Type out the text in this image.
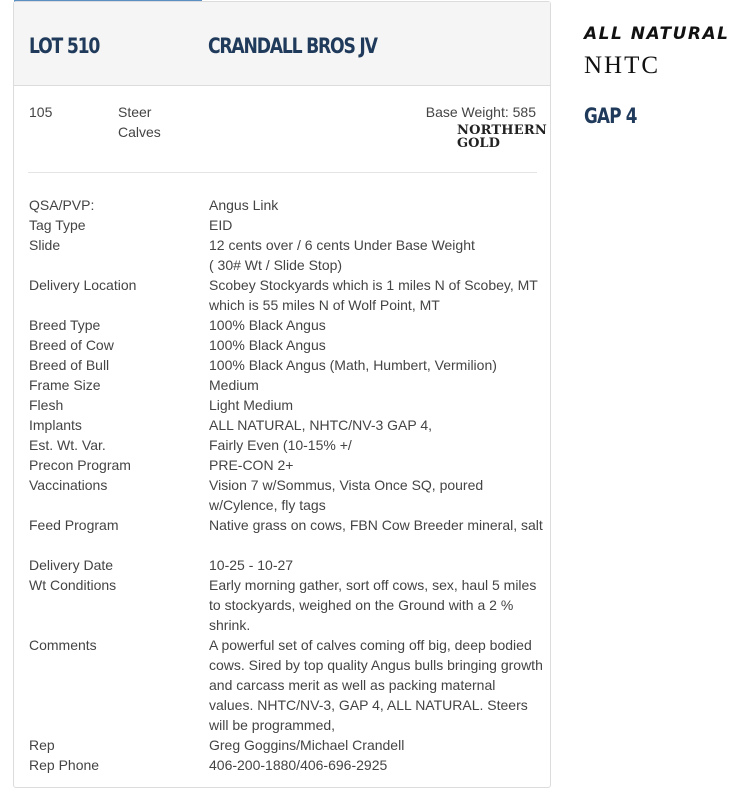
LOT 510	CRANDALL BROS JV
105	Steer
Calves
Base Weight: 585
NORTHERN
GOLD
QSA/PVP:	Angus Link
Tag Type	EID
Slide	12 cents over / 6 cents Under Base Weight
( 30# Wt / Slide Stop)
Delivery Location	Scobey Stockyards which is 1 miles N of Scobey, MT which is 55 miles N of Wolf Point, MT
Breed Type	100% Black Angus
Breed of Cow	100% Black Angus
Breed of Bull	100% Black Angus (Math, Humbert, Vermilion)
Frame Size	Medium
Flesh	Light Medium
Implants	ALL NATURAL, NHTC/NV-3 GAP 4,
Est. Wt. Var.	Fairly Even (10-15% +/
Precon Program	PRE-CON 2+
Vaccinations	Vision 7 w/Sommus, Vista Once SQ, poured w/Cylence, fly tags
Feed Program	Native grass on cows, FBN Cow Breeder mineral, salt
Delivery Date	10-25 - 10-27
Wt Conditions	Early morning gather, sort off cows, sex, haul 5 miles to stockyards, weighed on the Ground with a 2 % shrink.
Comments	A powerful set of calves coming off big, deep bodied cows. Sired by top quality Angus bulls bringing growth and carcass merit as well as packing maternal values. NHTC/NV-3, GAP 4, ALL NATURAL. Steers will be programmed,
Rep	Greg Goggins/Michael Crandell
Rep Phone	406-200-1880/406-696-2925
ALL NATURAL
NHTC
GAP 4
